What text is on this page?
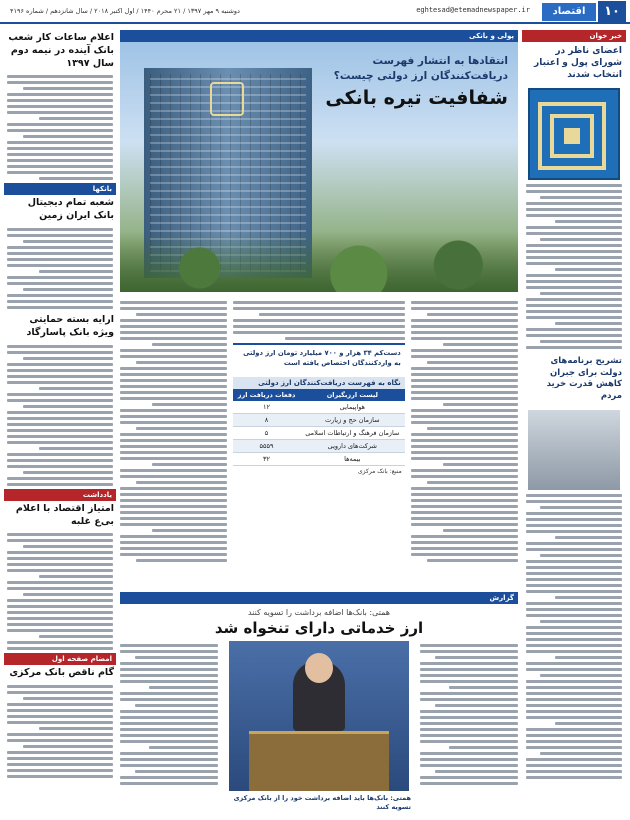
۱۰
اقتصاد
eghtesad@etemadnewspaper.ir
دوشنبه ۹ مهر ۱۳۹۷ / ۲۱ محرم ۱۴۴۰ / اول اکتبر ۲۰۱۸ / سال شانزدهم / شماره ۴۱۹۶
خبر خوان
اعضای ناظر در شورای پول و اعتبار انتخاب شدند
تشریح برنامه‌های دولت برای جبران کاهش قدرت خرید مردم
پولی و بانکی
انتقادها به انتشار فهرست دریافت‌کنندگان ارز دولتی چیست؟
شفافیت تیره بانکی
دست‌کم ۳۴ هزار و ۷۰۰ میلیارد تومان ارز دولتی به واردکنندگان اختصاص یافته است
نگاه به فهرست دریافت‌کنندگان ارز دولتی
لیست ارزبگیران	دفعات دریافت ارز
هواپیمایی	۱۲
سازمان حج و زیارت	۸
سازمان فرهنگ و ارتباطات اسلامی	۵
شرکت‌های دارویی	۵۵۵۹
بیمه‌ها	۳۲
منبع: بانک مرکزی
گزارش
همتی: بانک‌ها اضافه برداشت را تسویه کنند
ارز خدماتی دارای تنخواه شد
همتی: بانک‌ها باید اضافه برداشت خود را از بانک مرکزی تسویه کنند
اعلام ساعات کار شعب بانک آینده در نیمه دوم سال ۱۳۹۷
بانکها
شعبه تمام دیجیتال بانک ایران زمین
ارایه بسته حمایتی ویژه بانک پاسارگاد
یادداشت
امتیاز اقتصاد با اعلام بی‌ع غلبه
امضام صفحه اول
گام ناقص بانک مرکزی
